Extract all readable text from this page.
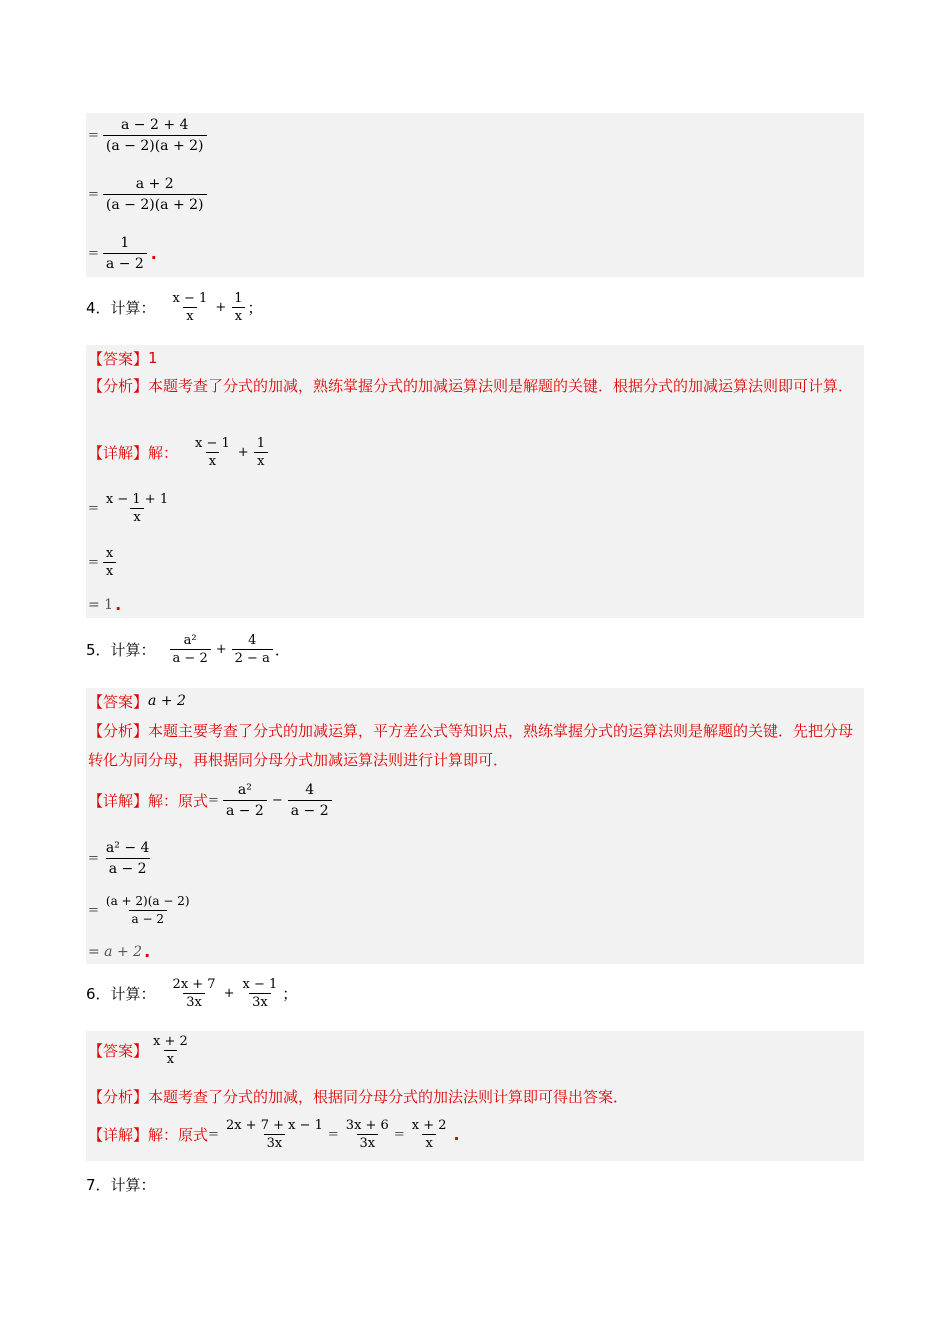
= $\frac{a - 2 + 4}{(a - 2)(a + 2)}$
= $\frac{a + 2}{(a - 2)(a + 2)}$
= $\frac{1}{a - 2}$ .
4．计算： $\frac{x - 1}{x} + \frac{1}{x}$ ；
【答案】 1
【分析】本题考查了分式的加减，熟练掌握分式的加减运算法则是解题的关键．根据分式的加减运算法则即可计算．
【详解】 解： $\frac{x - 1}{x} + \frac{1}{x}$
= $\frac{x - 1 + 1}{x}$
= $\frac{x}{x}$
= 1 .
5．计算： $\frac{\text{a²}}{a - 2} + \frac{4}{2 - a}$ ．
【答案】 a + 2
【分析】本题主要考查了分式的加减运算，平方差公式等知识点，熟练掌握分式的运算法则是解题的关键．先把分母转化为同分母，再根据同分母分式加减运算法则进行计算即可．
【详解】 解：原式 = $\frac{\text{a²}}{a - 2} - \frac{4}{a - 2}$
= $\frac{\text{a² − 4}}{a - 2}$
= $\frac{(a + 2)(a - 2)}{a - 2}$
= a + 2 .
6．计算： $\frac{2x + 7}{3x} + \frac{x - 1}{3x}$ ；
【答案】 $\frac{x + 2}{x}$
【分析】本题考查了分式的加减，根据同分母分式的加法法则计算即可得出答案．
【详解】 解：原式 = $\frac{2x + 7 + x - 1}{3x} = \frac{3x + 6}{3x} = \frac{x + 2}{x}$ .
7．计算：
